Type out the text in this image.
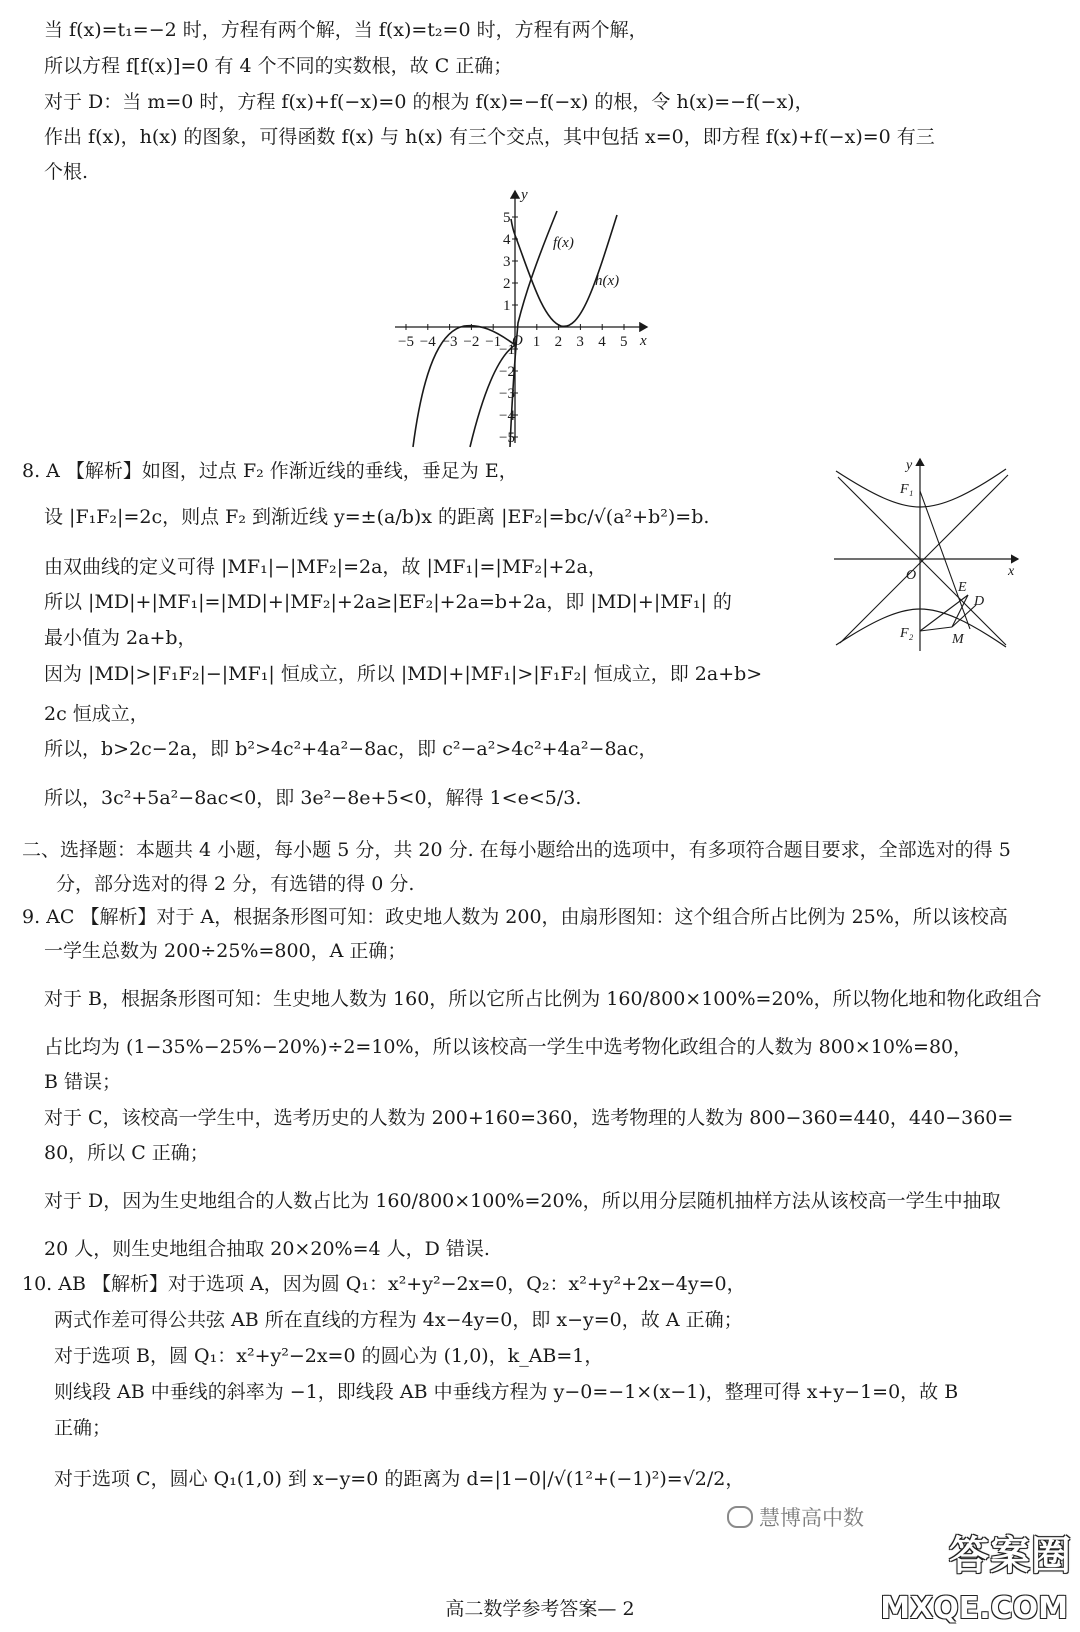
当 f(x)=t₁=−2 时，方程有两个解，当 f(x)=t₂=0 时，方程有两个解，
所以方程 f[f(x)]=0 有 4 个不同的实数根，故 C 正确；
对于 D：当 m=0 时，方程 f(x)+f(−x)=0 的根为 f(x)=−f(−x) 的根，令 h(x)=−f(−x)，
作出 f(x)，h(x) 的图象，可得函数 f(x) 与 h(x) 有三个交点，其中包括 x=0，即方程 f(x)+f(−x)=0 有三
个根.
8. A 【解析】如图，过点 F₂ 作渐近线的垂线，垂足为 E，
设 |F₁F₂|=2c，则点 F₂ 到渐近线 y=±(a/b)x 的距离 |EF₂|=bc/√(a²+b²)=b.
由双曲线的定义可得 |MF₁|−|MF₂|=2a，故 |MF₁|=|MF₂|+2a，
所以 |MD|+|MF₁|=|MD|+|MF₂|+2a≥|EF₂|+2a=b+2a，即 |MD|+|MF₁| 的
最小值为 2a+b，
因为 |MD|>|F₁F₂|−|MF₁| 恒成立，所以 |MD|+|MF₁|>|F₁F₂| 恒成立，即 2a+b>
2c 恒成立，
所以，b>2c−2a，即 b²>4c²+4a²−8ac，即 c²−a²>4c²+4a²−8ac，
所以，3c²+5a²−8ac<0，即 3e²−8e+5<0，解得 1<e<5/3.
二、选择题：本题共 4 小题，每小题 5 分，共 20 分. 在每小题给出的选项中，有多项符合题目要求，全部选对的得 5
分，部分选对的得 2 分，有选错的得 0 分.
9. AC 【解析】对于 A，根据条形图可知：政史地人数为 200，由扇形图知：这个组合所占比例为 25%，所以该校高
一学生总数为 200÷25%=800，A 正确；
对于 B，根据条形图可知：生史地人数为 160，所以它所占比例为 160/800×100%=20%，所以物化地和物化政组合
占比均为 (1−35%−25%−20%)÷2=10%，所以该校高一学生中选考物化政组合的人数为 800×10%=80，
B 错误；
对于 C，该校高一学生中，选考历史的人数为 200+160=360，选考物理的人数为 800−360=440，440−360=
80，所以 C 正确；
对于 D，因为生史地组合的人数占比为 160/800×100%=20%，所以用分层随机抽样方法从该校高一学生中抽取
20 人，则生史地组合抽取 20×20%=4 人，D 错误.
10. AB 【解析】对于选项 A，因为圆 Q₁：x²+y²−2x=0，Q₂：x²+y²+2x−4y=0，
两式作差可得公共弦 AB 所在直线的方程为 4x−4y=0，即 x−y=0，故 A 正确；
对于选项 B，圆 Q₁：x²+y²−2x=0 的圆心为 (1,0)，k_AB=1，
则线段 AB 中垂线的斜率为 −1，即线段 AB 中垂线方程为 y−0=−1×(x−1)，整理可得 x+y−1=0，故 B
正确；
对于选项 C，圆心 Q₁(1,0) 到 x−y=0 的距离为 d=|1−0|/√(1²+(−1)²)=√2/2，
−5 −4 −3 −2 −1 1 2 3 4 5
5
4
3
2
1
−1
−2
−3
−4
−5
f(x)
h(x)
x
y
O
x
y
O
F₁
F₂
E
D
M
高二数学参考答案— 2
慧博高中数
答案圈
MXQE.COM
